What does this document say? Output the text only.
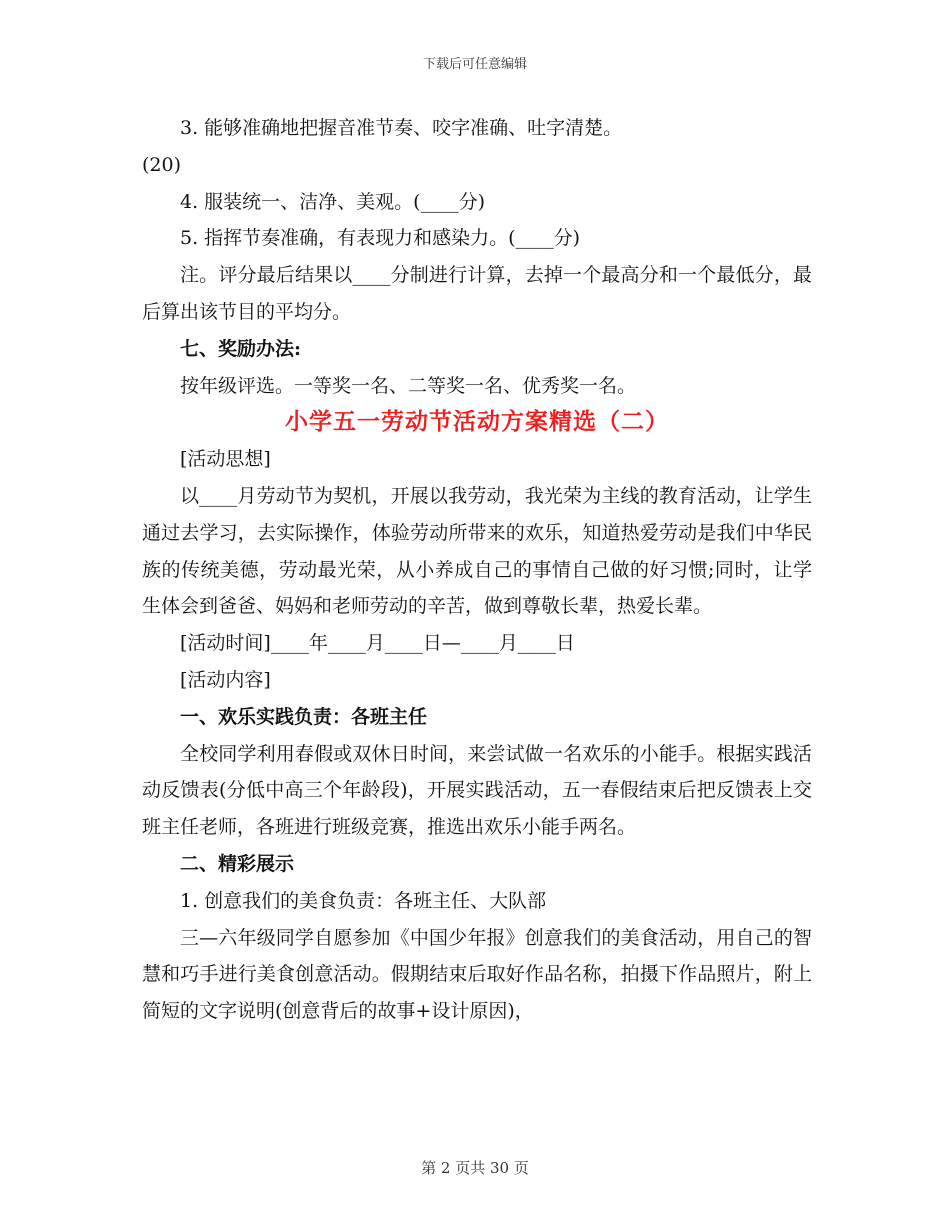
下载后可任意编辑

3. 能够准确地把握音准节奏、咬字准确、吐字清楚。

(20)

4. 服装统一、洁净、美观。(____分)

5. 指挥节奏准确，有表现力和感染力。(____分)

注。评分最后结果以____分制进行计算，去掉一个最高分和一个最低分，最后算出该节目的平均分。

七、奖励办法:

按年级评选。一等奖一名、二等奖一名、优秀奖一名。

小学五一劳动节活动方案精选（二）

[活动思想]

以____月劳动节为契机，开展以我劳动，我光荣为主线的教育活动，让学生通过去学习，去实际操作，体验劳动所带来的欢乐，知道热爱劳动是我们中华民族的传统美德，劳动最光荣，从小养成自己的事情自己做的好习惯;同时，让学生体会到爸爸、妈妈和老师劳动的辛苦，做到尊敬长辈，热爱长辈。

[活动时间]____年____月____日—____月____日

[活动内容]

一、欢乐实践负责：各班主任

全校同学利用春假或双休日时间，来尝试做一名欢乐的小能手。根据实践活动反馈表(分低中高三个年龄段)，开展实践活动，五一春假结束后把反馈表上交班主任老师，各班进行班级竞赛，推选出欢乐小能手两名。

二、精彩展示

1. 创意我们的美食负责：各班主任、大队部

三—六年级同学自愿参加《中国少年报》创意我们的美食活动，用自己的智慧和巧手进行美食创意活动。假期结束后取好作品名称，拍摄下作品照片，附上简短的文字说明(创意背后的故事+设计原因)，

第 2 页共 30 页
